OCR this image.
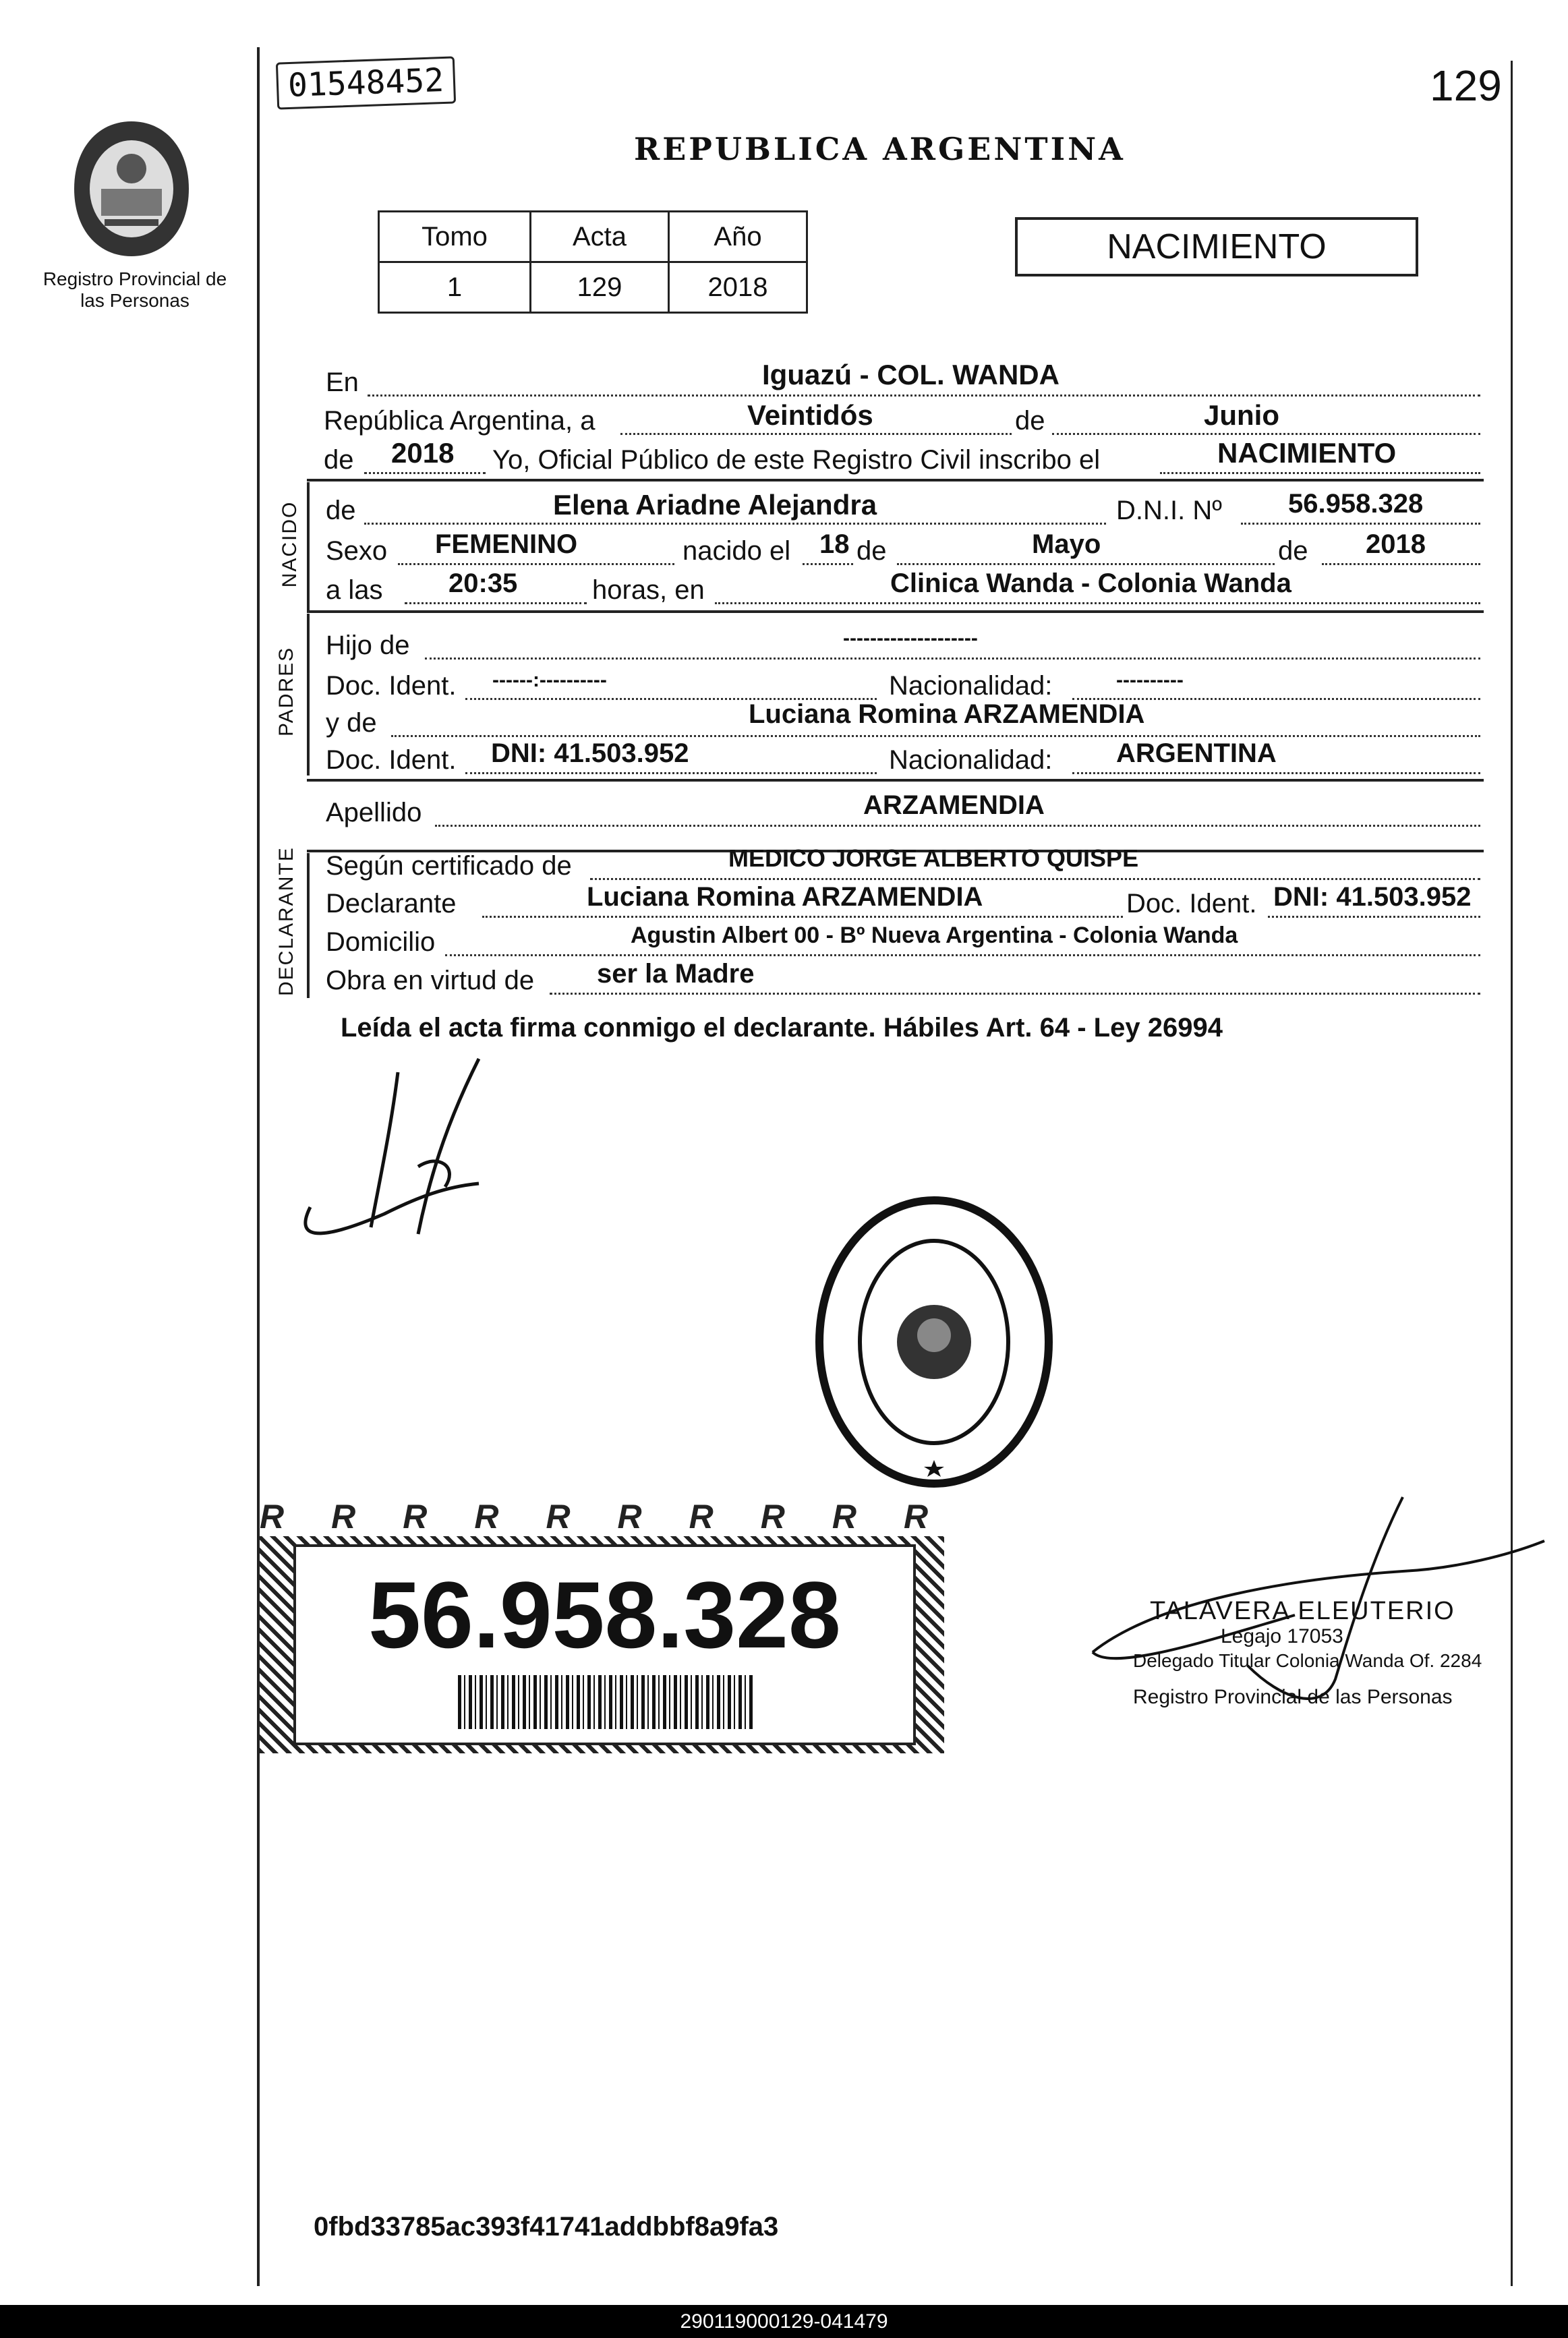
Registro Provincial de las Personas
01548452	129
REPUBLICA ARGENTINA
Tomo	Acta	Año
1	129	2018
NACIMIENTO
En	Iguazú - COL. WANDA
República Argentina, a	Veintidós	de	Junio
de 2018 Yo, Oficial Público de este Registro Civil inscribo el	NACIMIENTO
NACIDO de	Elena Ariadne Alejandra	D.N.I. Nº 56.958.328
Sexo FEMENINO	nacido el 18 de	Mayo	de 2018
a las 20:35	horas, en	Clinica Wanda - Colonia Wanda
PADRES
Hijo de	--------------------
Doc. Ident. ------:----------	Nacionalidad:	----------
y de	Luciana Romina ARZAMENDIA
Doc. Ident. DNI: 41.503.952	Nacionalidad: ARGENTINA
Apellido	ARZAMENDIA
DECLARANTE Según certificado de	MEDICO JORGE ALBERTO QUISPE
Declarante	Luciana Romina ARZAMENDIA	Doc. Ident. DNI: 41.503.952
Domicilio	Agustin Albert 00 - Bº Nueva Argentina - Colonia Wanda
Obra en virtud de ser la Madre
Leída el acta firma conmigo el declarante. Hábiles Art. 64 - Ley 26994
RRRRRRRRRR
56.958.328	TALAVERA ELEUTERIO
Legajo 17053
Delegado Titular Colonia Wanda Of. 2284
Registro Provincial de las Personas
0fbd33785ac393f41741addbbf8a9fa3
290119000129-041479
